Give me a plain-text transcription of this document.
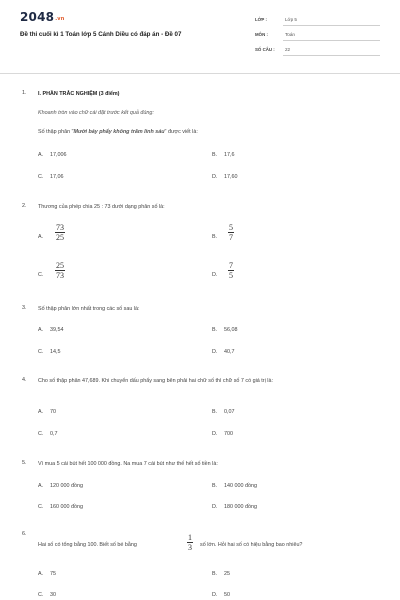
2048.vn
Đề thi cuối kì 1 Toán lớp 5 Cánh Diều có đáp án - Đề 07
LỚP :	Lớp 5
MÔN :	Toán
SỐ CÂU : 22
1. I. PHẦN TRẮC NGHIỆM (3 điểm)
Khoanh tròn vào chữ cái đặt trước kết quả đúng:
Số thập phân "Mười bảy phẩy không trăm linh sáu" được viết là:
A. 17,006	B. 17,6
C. 17,06	D. 17,60
2. Thương của phép chia 25 : 73 dưới dạng phân số là:
A.	$\frac{73}{25}$	B.	$\frac{5}{7}$
C.	$\frac{25}{73}$	D.	$\frac{7}{5}$
3. Số thập phân lớn nhất trong các số sau là:
A. 39,54	B. 56,08
C. 14,5	D. 40,7
4. Cho số thập phân 47,689. Khi chuyển dấu phẩy sang bên phải hai chữ số thì chữ số 7 có giá trị là:
A. 70	B. 0,07
C. 0,7	D. 700
5. Vì mua 5 cái bút hết 100 000 đồng. Na mua 7 cái bút như thế hết số tiền là:
A. 120 000 đồng	B. 140 000 đồng
C. 160 000 đồng	D. 180 000 đồng
6.
Hai số có tổng bằng 100. Biết số bé bằng	$\frac{1}{3}$ số lớn. Hỏi hai số có hiệu bằng bao nhiêu?
A. 75	B. 25
C. 30	D. 50
